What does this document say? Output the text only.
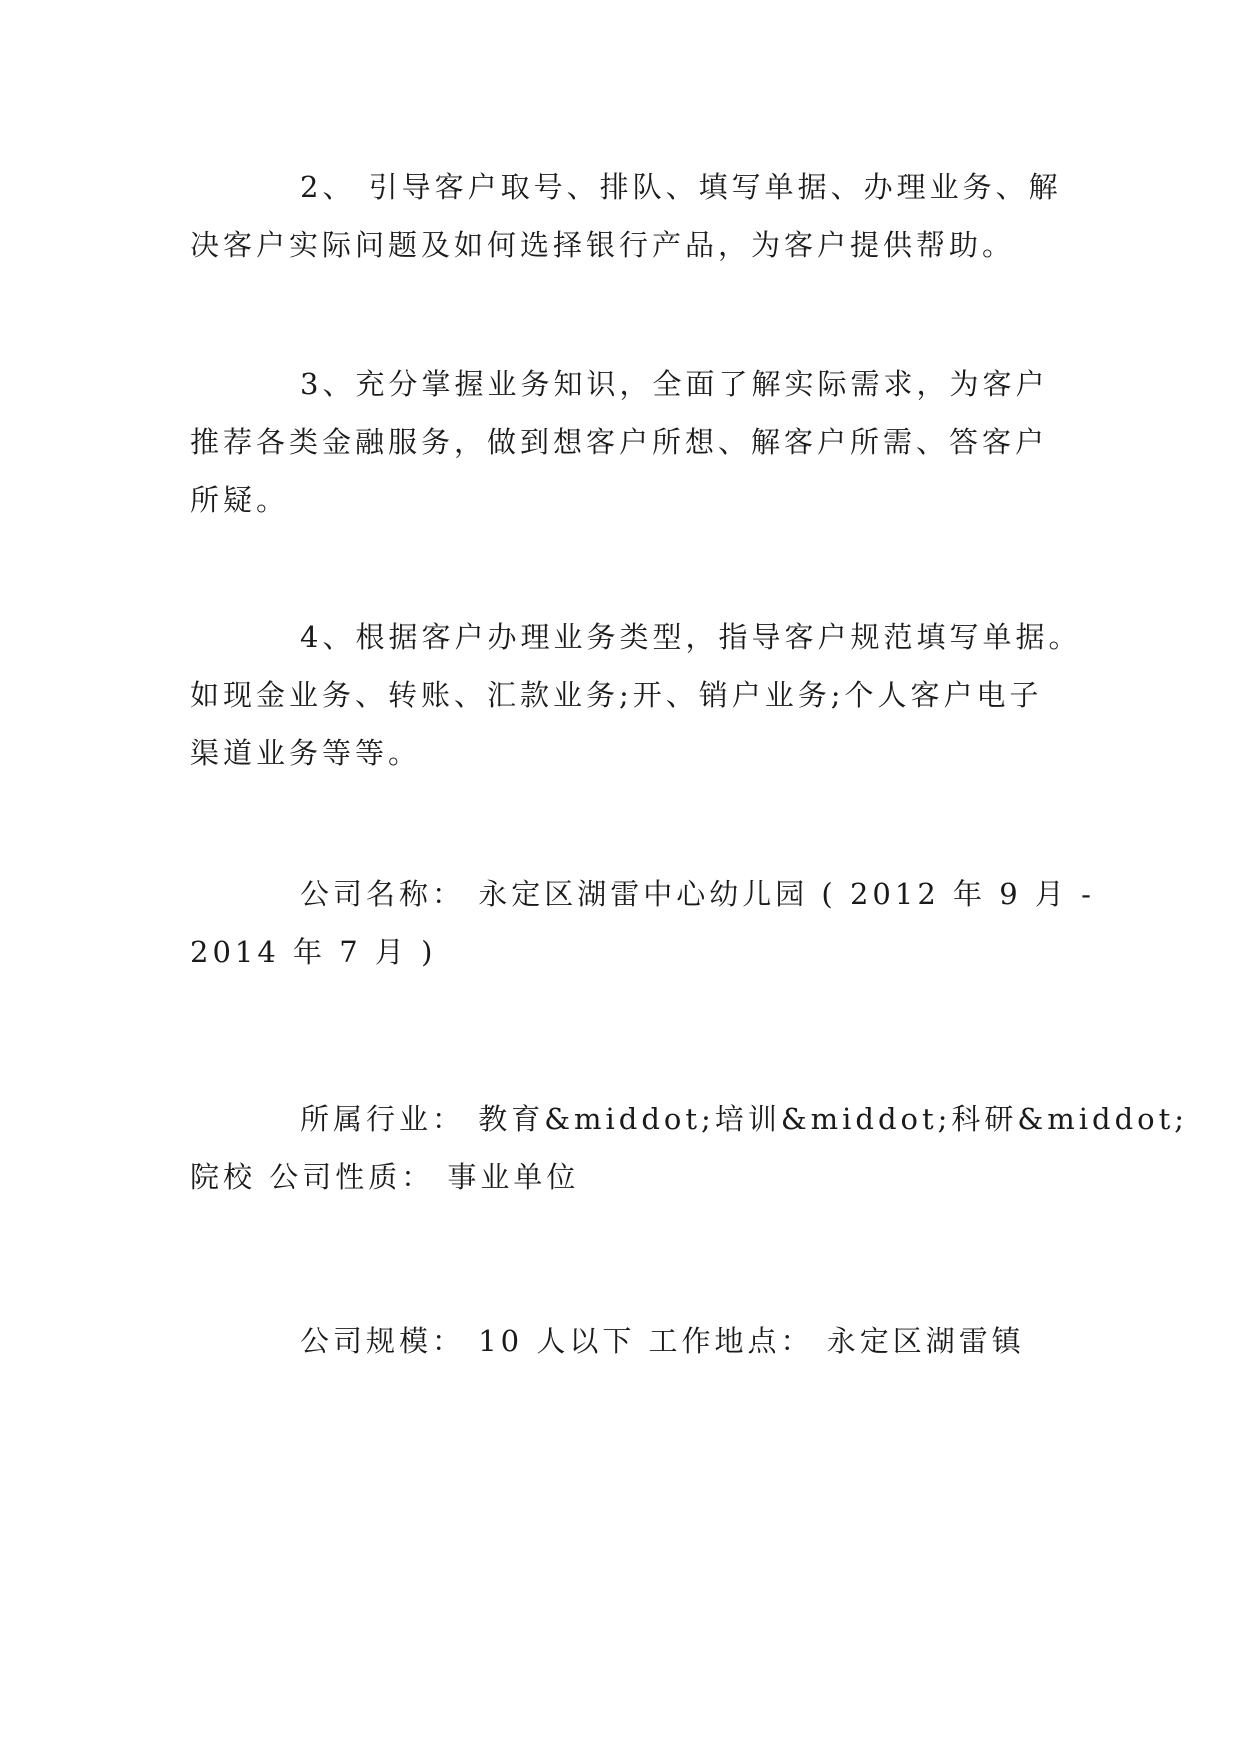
2、 引导客户取号、排队、填写单据、办理业务、解
决客户实际问题及如何选择银行产品，为客户提供帮助。

3、充分掌握业务知识，全面了解实际需求，为客户
推荐各类金融服务，做到想客户所想、解客户所需、答客户
所疑。

4、根据客户办理业务类型，指导客户规范填写单据。
如现金业务、转账、汇款业务;开、销户业务;个人客户电子
渠道业务等等。

公司名称： 永定区湖雷中心幼儿园 ( 2012 年 9 月 -
2014 年 7 月 )

所属行业： 教育&middot;培训&middot;科研&middot;
院校 公司性质： 事业单位

公司规模： 10 人以下 工作地点： 永定区湖雷镇
